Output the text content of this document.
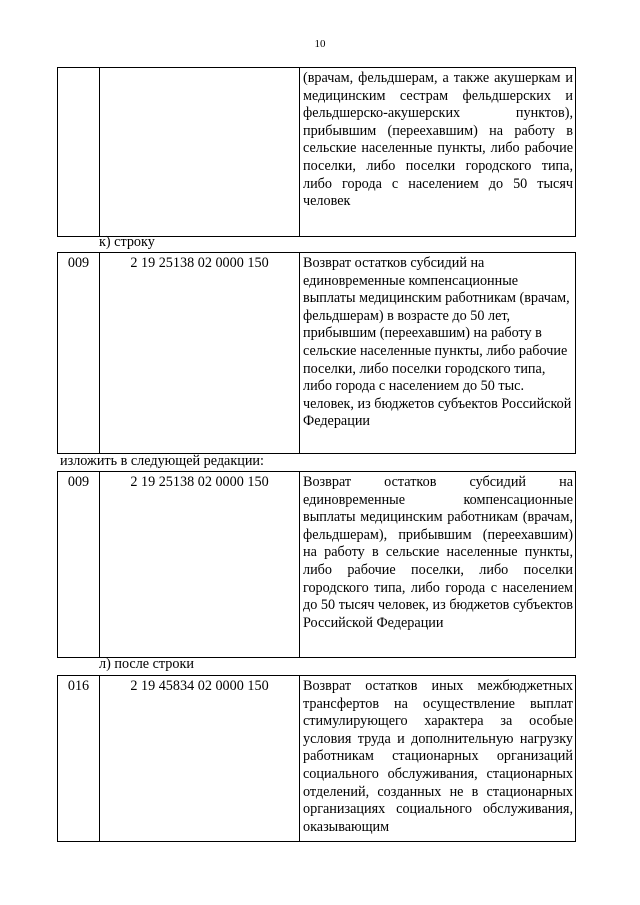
10
		(врачам, фельдшерам, а также акушеркам и медицинским сестрам фельдшерских и фельдшерско-акушерских пунктов), прибывшим (переехавшим) на работу в сельские населенные пункты, либо рабочие поселки, либо поселки городского типа, либо города с населением до 50 тысяч человек
к) строку
009	2 19 25138 02 0000 150	Возврат остатков субсидий на единовременные компенсационные выплаты медицинским работникам (врачам, фельдшерам) в возрасте до 50 лет, прибывшим (переехавшим) на работу в сельские населенные пункты, либо рабочие поселки, либо поселки городского типа, либо города с населением до 50 тыс. человек, из бюджетов субъектов Российской Федерации
изложить в следующей редакции:
009	2 19 25138 02 0000 150	Возврат остатков субсидий на единовременные компенсационные выплаты медицинским работникам (врачам, фельдшерам), прибывшим (переехавшим) на работу в сельские населенные пункты, либо рабочие поселки, либо поселки городского типа, либо города с населением до 50 тысяч человек, из бюджетов субъектов Российской Федерации
л) после строки
016	2 19 45834 02 0000 150	Возврат остатков иных межбюджетных трансфертов на осуществление выплат стимулирующего характера за особые условия труда и дополнительную нагрузку работникам стационарных организаций социального обслуживания, стационарных отделений, созданных не в стационарных организациях социального обслуживания, оказывающим
